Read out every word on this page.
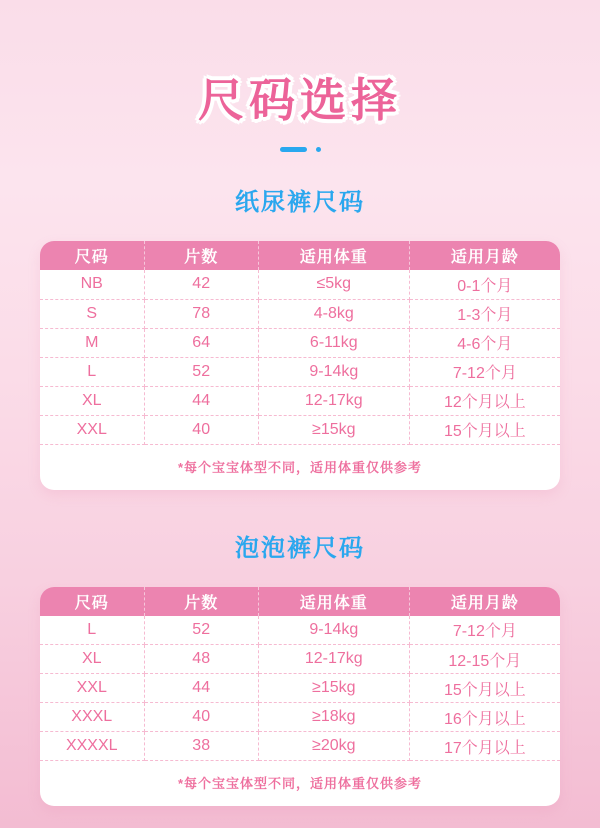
尺码选择
纸尿裤尺码
尺码	片数	适用体重	适用月龄
NB	42	≤5kg	0-1个月
S	78	4-8kg	1-3个月
M	64	6-11kg	4-6个月
L	52	9-14kg	7-12个月
XL	44	12-17kg	12个月以上
XXL	40	≥15kg	15个月以上
*每个宝宝体型不同，适用体重仅供参考
泡泡裤尺码
尺码	片数	适用体重	适用月龄
L	52	9-14kg	7-12个月
XL	48	12-17kg	12-15个月
XXL	44	≥15kg	15个月以上
XXXL	40	≥18kg	16个月以上
XXXXL	38	≥20kg	17个月以上
*每个宝宝体型不同，适用体重仅供参考
